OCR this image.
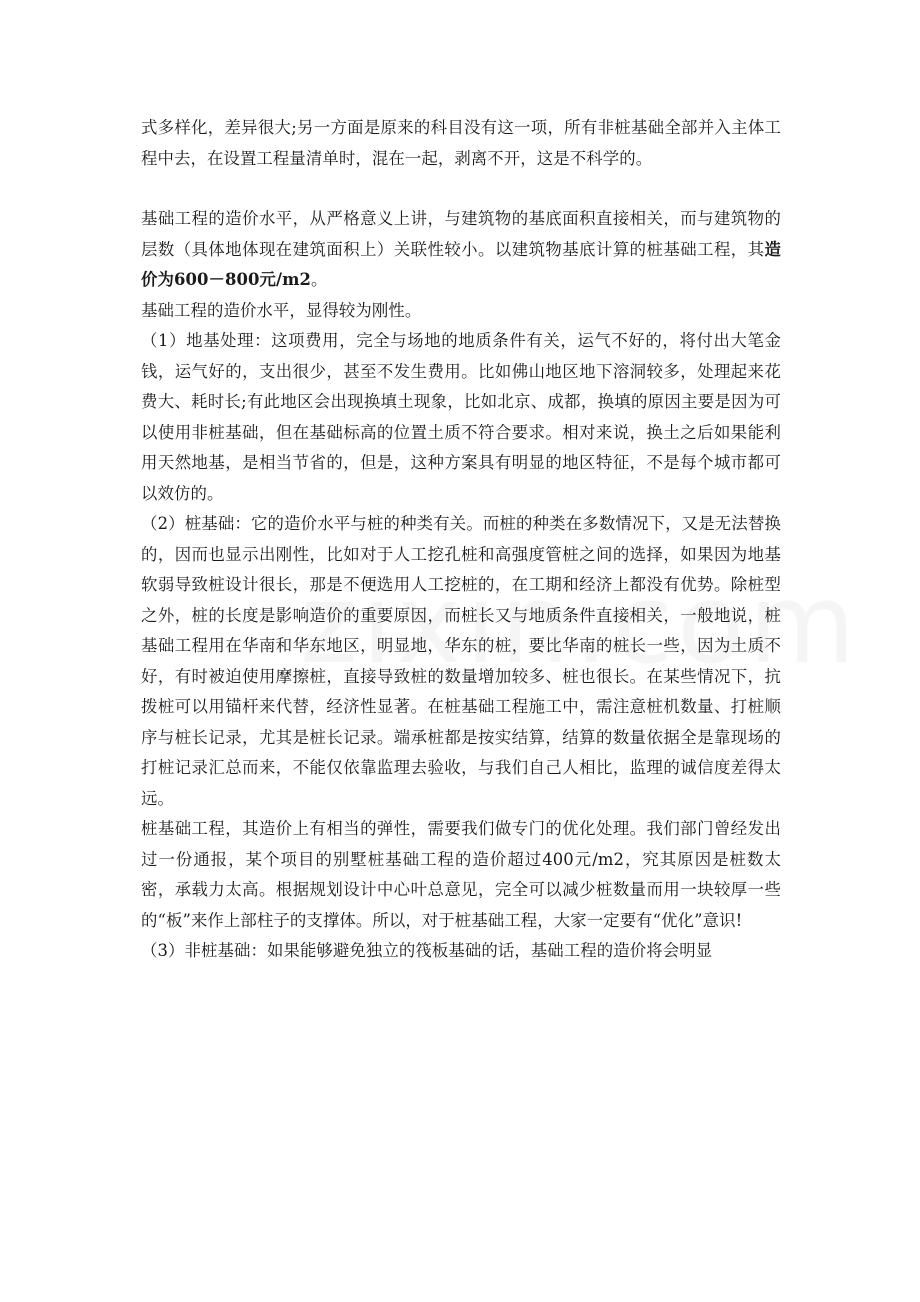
式多样化，差异很大;另一方面是原来的科目没有这一项，所有非桩基础全部并入主体工程中去，在设置工程量清单时，混在一起，剥离不开，这是不科学的。

基础工程的造价水平，从严格意义上讲，与建筑物的基底面积直接相关，而与建筑物的层数（具体地体现在建筑面积上）关联性较小。以建筑物基底计算的桩基础工程，其造价为600－800元/m2。

基础工程的造价水平，显得较为刚性。

（1）地基处理：这项费用，完全与场地的地质条件有关，运气不好的，将付出大笔金钱，运气好的，支出很少，甚至不发生费用。比如佛山地区地下溶洞较多，处理起来花费大、耗时长;有此地区会出现换填土现象，比如北京、成都，换填的原因主要是因为可以使用非桩基础，但在基础标高的位置土质不符合要求。相对来说，换土之后如果能利用天然地基，是相当节省的，但是，这种方案具有明显的地区特征，不是每个城市都可以效仿的。

（2）桩基础：它的造价水平与桩的种类有关。而桩的种类在多数情况下，又是无法替换的，因而也显示出刚性，比如对于人工挖孔桩和高强度管桩之间的选择，如果因为地基软弱导致桩设计很长，那是不便选用人工挖桩的，在工期和经济上都没有优势。除桩型之外，桩的长度是影响造价的重要原因，而桩长又与地质条件直接相关，一般地说，桩基础工程用在华南和华东地区，明显地，华东的桩，要比华南的桩长一些，因为土质不好，有时被迫使用摩擦桩，直接导致桩的数量增加较多、桩也很长。在某些情况下，抗拨桩可以用锚杆来代替，经济性显著。在桩基础工程施工中，需注意桩机数量、打桩顺序与桩长记录，尤其是桩长记录。端承桩都是按实结算，结算的数量依据全是靠现场的打桩记录汇总而来，不能仅依靠监理去验收，与我们自己人相比，监理的诚信度差得太远。

桩基础工程，其造价上有相当的弹性，需要我们做专门的优化处理。我们部门曾经发出过一份通报，某个项目的别墅桩基础工程的造价超过400元/m2，究其原因是桩数太密，承载力太高。根据规划设计中心叶总意见，完全可以减少桩数量而用一块较厚一些的“板”来作上部柱子的支撑体。所以，对于桩基础工程，大家一定要有“优化”意识!

（3）非桩基础：如果能够避免独立的筏板基础的话，基础工程的造价将会明显
